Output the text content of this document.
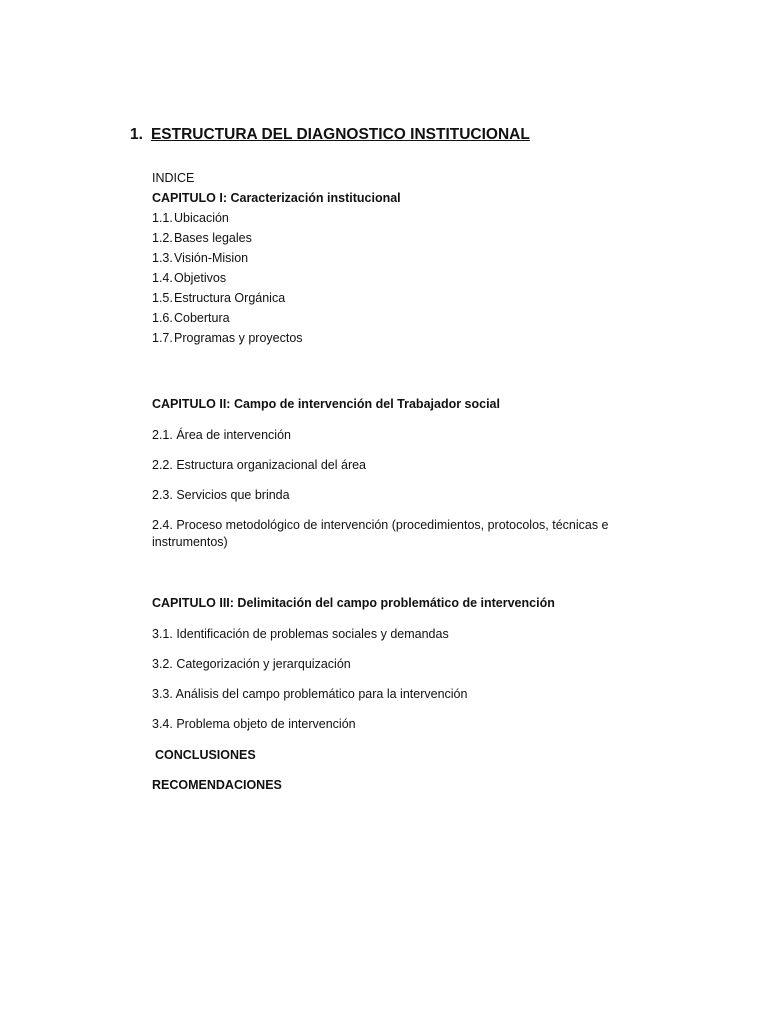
1. ESTRUCTURA DEL DIAGNOSTICO INSTITUCIONAL
INDICE
CAPITULO I: Caracterización institucional
1.1.Ubicación
1.2.Bases legales
1.3.Visión-Mision
1.4.Objetivos
1.5.Estructura Orgánica
1.6.Cobertura
1.7.Programas y proyectos
CAPITULO II: Campo de intervención del Trabajador social
2.1. Área de intervención
2.2. Estructura organizacional del área
2.3. Servicios que brinda
2.4. Proceso metodológico de intervención (procedimientos, protocolos, técnicas e instrumentos)
CAPITULO III: Delimitación del campo problemático de intervención
3.1. Identificación de problemas sociales y demandas
3.2. Categorización y jerarquización
3.3. Análisis del campo problemático para la intervención
3.4. Problema objeto de intervención
CONCLUSIONES
RECOMENDACIONES
